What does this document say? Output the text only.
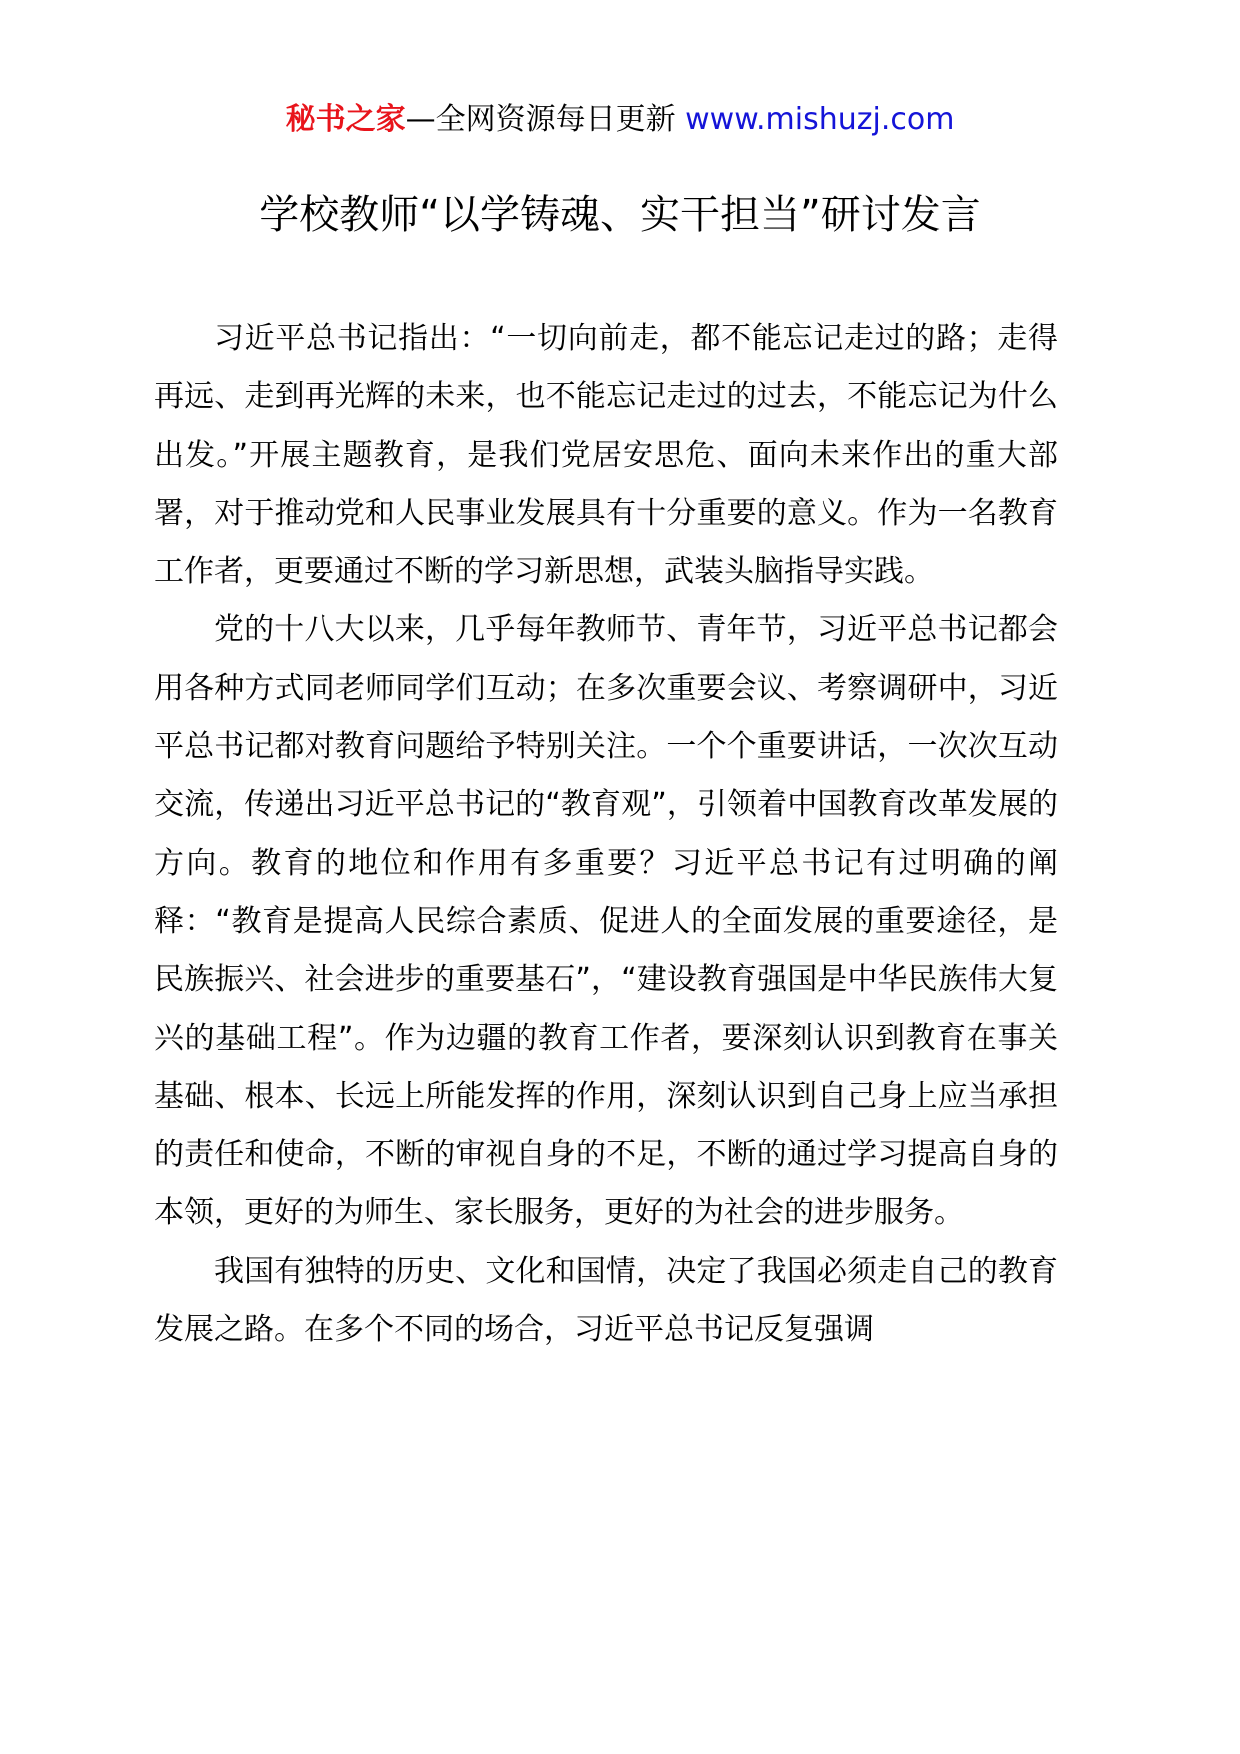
秘书之家—全网资源每日更新 www.mishuzj.com
学校教师“以学铸魂、实干担当”研讨发言

习近平总书记指出：“一切向前走，都不能忘记走过的路；走得再远、走到再光辉的未来，也不能忘记走过的过去，不能忘记为什么出发。”开展主题教育，是我们党居安思危、面向未来作出的重大部署，对于推动党和人民事业发展具有十分重要的意义。作为一名教育工作者，更要通过不断的学习新思想，武装头脑指导实践。

党的十八大以来，几乎每年教师节、青年节，习近平总书记都会用各种方式同老师同学们互动；在多次重要会议、考察调研中，习近平总书记都对教育问题给予特别关注。一个个重要讲话，一次次互动交流，传递出习近平总书记的“教育观”，引领着中国教育改革发展的方向。教育的地位和作用有多重要？习近平总书记有过明确的阐释：“教育是提高人民综合素质、促进人的全面发展的重要途径，是民族振兴、社会进步的重要基石”，“建设教育强国是中华民族伟大复兴的基础工程”。作为边疆的教育工作者，要深刻认识到教育在事关基础、根本、长远上所能发挥的作用，深刻认识到自己身上应当承担的责任和使命，不断的审视自身的不足，不断的通过学习提高自身的本领，更好的为师生、家长服务，更好的为社会的进步服务。

我国有独特的历史、文化和国情，决定了我国必须走自己的教育发展之路。在多个不同的场合，习近平总书记反复强调
